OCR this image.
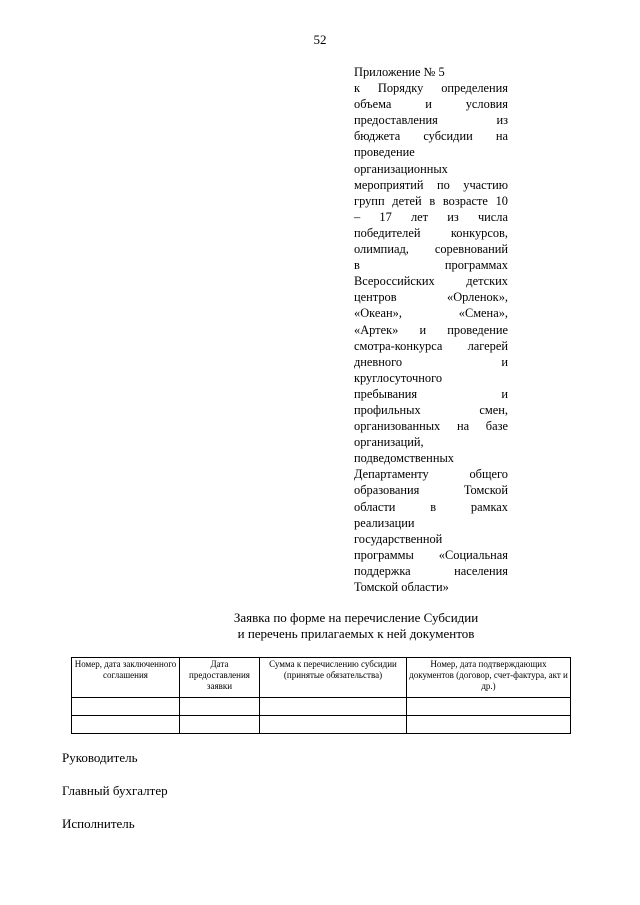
52
Приложение № 5
к Порядку определения
объема и условия
предоставления из
бюджета субсидии на
проведение
организационных
мероприятий по участию
групп детей в возрасте 10
– 17 лет из числа
победителей конкурсов,
олимпиад, соревнований
в программах
Всероссийских детских
центров «Орленок»,
«Океан», «Смена»,
«Артек» и проведение
смотра-конкурса лагерей
дневного и
круглосуточного
пребывания и
профильных смен,
организованных на базе
организаций,
подведомственных
Департаменту общего
образования Томской
области в рамках
реализации
государственной
программы «Социальная
поддержка населения
Томской области»
Заявка по форме на перечисление Субсидии
и перечень прилагаемых к ней документов
Номер, дата заключенного соглашения	Дата предоставления заявки	Сумма к перечислению субсидии (принятые обязательства)	Номер, дата подтверждающих документов (договор, счет-фактура, акт и др.)

Руководитель
Главный бухгалтер
Исполнитель
